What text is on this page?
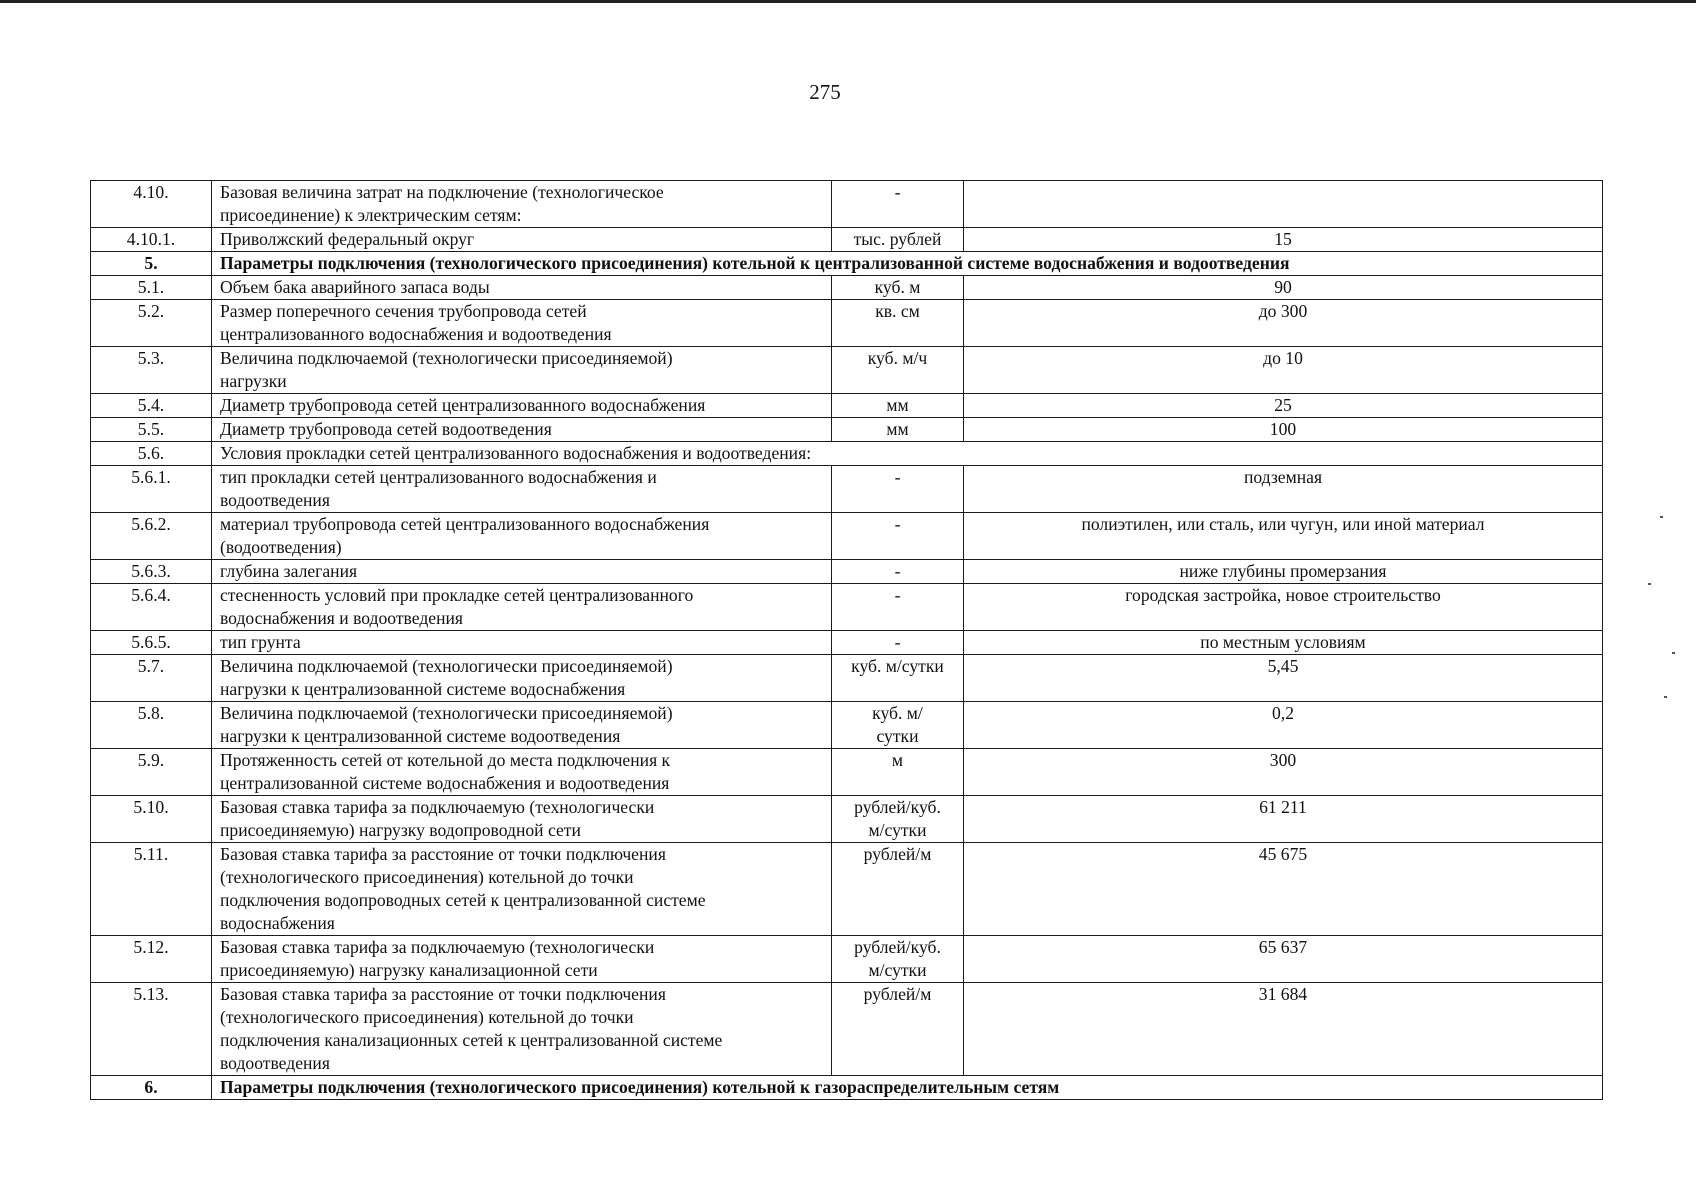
275
4.10.	Базовая величина затрат на подключение (технологическое
присоединение) к электрическим сетям:	-	
4.10.1.	Приволжский федеральный округ	тыс. рублей	15
5.	Параметры подключения (технологического присоединения) котельной к централизованной системе водоснабжения и водоотведения		
5.1.	Объем бака аварийного запаса воды	куб. м	90
5.2.	Размер поперечного сечения трубопровода сетей
централизованного водоснабжения и водоотведения	кв. см	до 300
5.3.	Величина подключаемой (технологически присоединяемой)
нагрузки	куб. м/ч	до 10
5.4.	Диаметр трубопровода сетей централизованного водоснабжения	мм	25
5.5.	Диаметр трубопровода сетей водоотведения	мм	100
5.6.	Условия прокладки сетей централизованного водоснабжения и водоотведения:		
5.6.1.	тип прокладки сетей централизованного водоснабжения и
водоотведения	-	подземная
5.6.2.	материал трубопровода сетей централизованного водоснабжения
(водоотведения)	-	полиэтилен, или сталь, или чугун, или иной материал
5.6.3.	глубина залегания	-	ниже глубины промерзания
5.6.4.	стесненность условий при прокладке сетей централизованного
водоснабжения и водоотведения	-	городская застройка, новое строительство
5.6.5.	тип грунта	-	по местным условиям
5.7.	Величина подключаемой (технологически присоединяемой)
нагрузки к централизованной системе водоснабжения	куб. м/сутки	5,45
5.8.	Величина подключаемой (технологически присоединяемой)
нагрузки к централизованной системе водоотведения	куб. м/
сутки	0,2
5.9.	Протяженность сетей от котельной до места подключения к
централизованной системе водоснабжения и водоотведения	м	300
5.10.	Базовая ставка тарифа за подключаемую (технологически
присоединяемую) нагрузку водопроводной сети	рублей/куб.
м/сутки	61 211
5.11.	Базовая ставка тарифа за расстояние от точки подключения
(технологического присоединения) котельной до точки
подключения водопроводных сетей к централизованной системе
водоснабжения	рублей/м	45 675
5.12.	Базовая ставка тарифа за подключаемую (технологически
присоединяемую) нагрузку канализационной сети	рублей/куб.
м/сутки	65 637
5.13.	Базовая ставка тарифа за расстояние от точки подключения
(технологического присоединения) котельной до точки
подключения канализационных сетей к централизованной системе
водоотведения	рублей/м	31 684
6.	Параметры подключения (технологического присоединения) котельной к газораспределительным сетям		
